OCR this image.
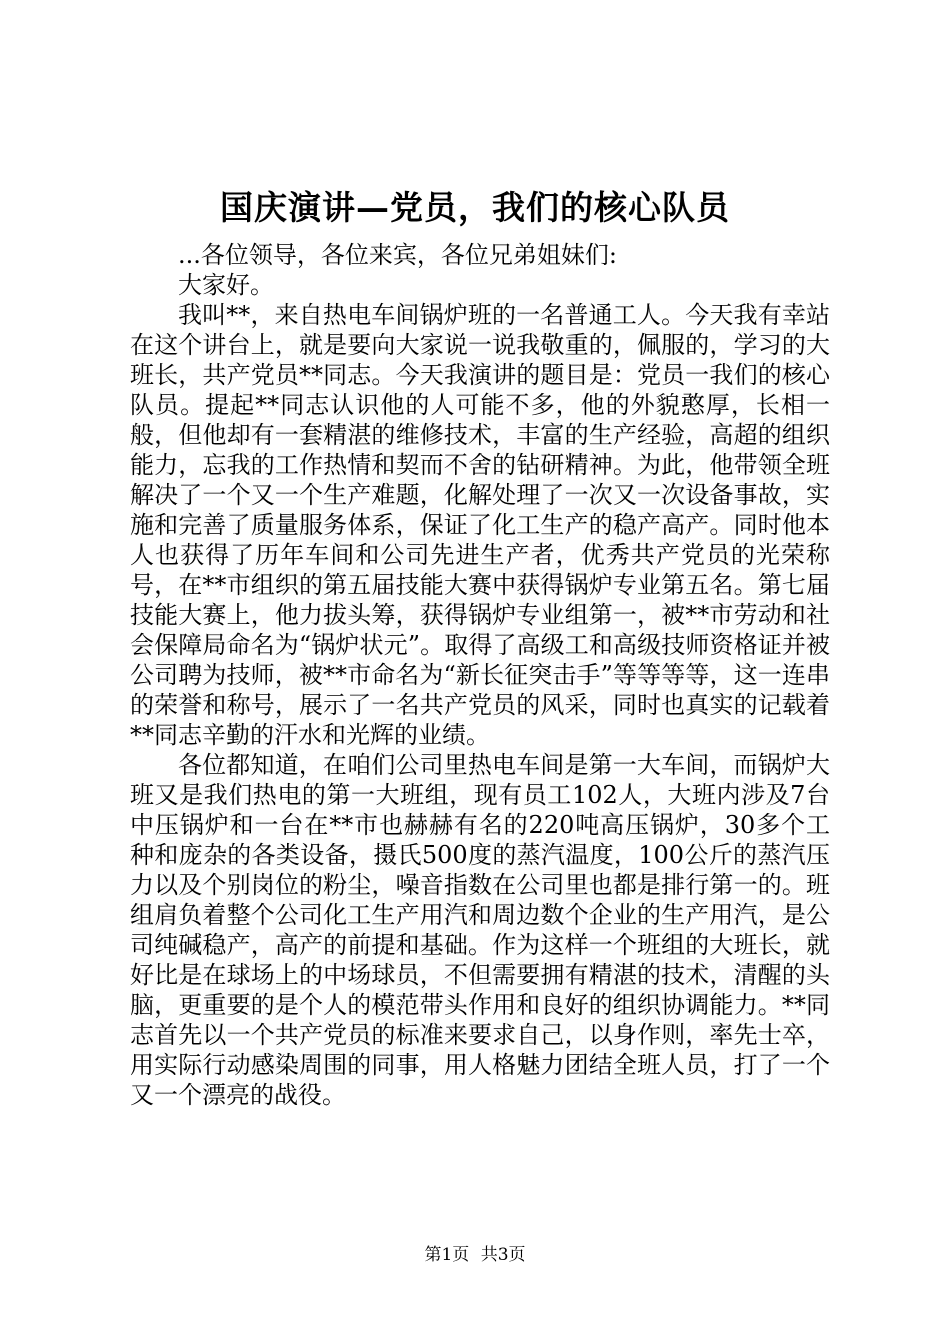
国庆演讲—党员，我们的核心队员

...各位领导，各位来宾，各位兄弟姐妹们:

大家好。

我叫**，来自热电车间锅炉班的一名普通工人。今天我有幸站在这个讲台上，就是要向大家说一说我敬重的，佩服的，学习的大班长，共产党员**同志。今天我演讲的题目是：党员一我们的核心队员。提起**同志认识他的人可能不多，他的外貌憨厚，长相一般，但他却有一套精湛的维修技术，丰富的生产经验，高超的组织能力，忘我的工作热情和契而不舍的钻研精神。为此，他带领全班解决了一个又一个生产难题，化解处理了一次又一次设备事故，实施和完善了质量服务体系，保证了化工生产的稳产高产。同时他本人也获得了历年车间和公司先进生产者，优秀共产党员的光荣称号，在**市组织的第五届技能大赛中获得锅炉专业第五名。第七届技能大赛上，他力拔头筹，获得锅炉专业组第一，被**市劳动和社会保障局命名为“锅炉状元”。取得了高级工和高级技师资格证并被公司聘为技师，被**市命名为“新长征突击手”等等等等，这一连串的荣誉和称号，展示了一名共产党员的风采，同时也真实的记载着**同志辛勤的汗水和光辉的业绩。

各位都知道，在咱们公司里热电车间是第一大车间，而锅炉大班又是我们热电的第一大班组，现有员工102人，大班内涉及7台中压锅炉和一台在**市也赫赫有名的220吨高压锅炉，30多个工种和庞杂的各类设备，摄氏500度的蒸汽温度，100公斤的蒸汽压力以及个别岗位的粉尘，噪音指数在公司里也都是排行第一的。班组肩负着整个公司化工生产用汽和周边数个企业的生产用汽，是公司纯碱稳产，高产的前提和基础。作为这样一个班组的大班长，就好比是在球场上的中场球员，不但需要拥有精湛的技术，清醒的头脑，更重要的是个人的模范带头作用和良好的组织协调能力。**同志首先以一个共产党员的标准来要求自己，以身作则，率先士卒，用实际行动感染周围的同事，用人格魅力团结全班人员，打了一个又一个漂亮的战役。

第1页 共3页
